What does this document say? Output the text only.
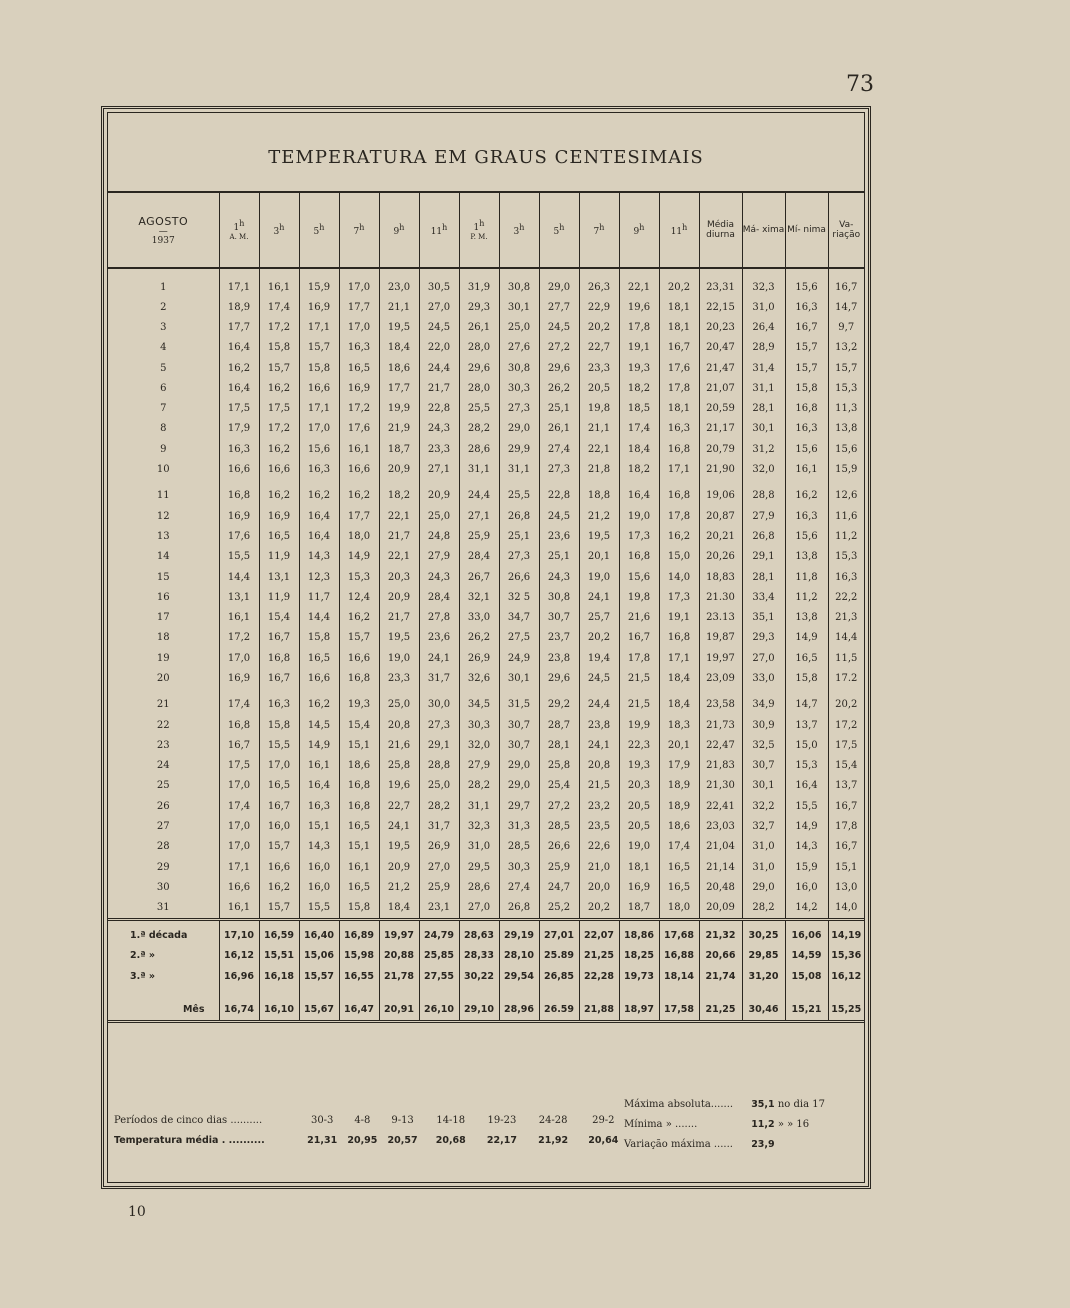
73
TEMPERATURA EM GRAUS CENTESIMAIS
AGOSTO
—
1937	1h
A. M.	3h	5h	7h	9h	11h	1h
P. M.	3h	5h	7h	9h	11h	Média diurna	Má- xima	Mí- nima	Va- riação
1	17,1	16,1	15,9	17,0	23,0	30,5	31,9	30,8	29,0	26,3	22,1	20,2	23,31	32,3	15,6	16,7
2	18,9	17,4	16,9	17,7	21,1	27,0	29,3	30,1	27,7	22,9	19,6	18,1	22,15	31,0	16,3	14,7
3	17,7	17,2	17,1	17,0	19,5	24,5	26,1	25,0	24,5	20,2	17,8	18,1	20,23	26,4	16,7	9,7
4	16,4	15,8	15,7	16,3	18,4	22,0	28,0	27,6	27,2	22,7	19,1	16,7	20,47	28,9	15,7	13,2
5	16,2	15,7	15,8	16,5	18,6	24,4	29,6	30,8	29,6	23,3	19,3	17,6	21,47	31,4	15,7	15,7
6	16,4	16,2	16,6	16,9	17,7	21,7	28,0	30,3	26,2	20,5	18,2	17,8	21,07	31,1	15,8	15,3
7	17,5	17,5	17,1	17,2	19,9	22,8	25,5	27,3	25,1	19,8	18,5	18,1	20,59	28,1	16,8	11,3
8	17,9	17,2	17,0	17,6	21,9	24,3	28,2	29,0	26,1	21,1	17,4	16,3	21,17	30,1	16,3	13,8
9	16,3	16,2	15,6	16,1	18,7	23,3	28,6	29,9	27,4	22,1	18,4	16,8	20,79	31,2	15,6	15,6
10	16,6	16,6	16,3	16,6	20,9	27,1	31,1	31,1	27,3	21,8	18,2	17,1	21,90	32,0	16,1	15,9

11	16,8	16,2	16,2	16,2	18,2	20,9	24,4	25,5	22,8	18,8	16,4	16,8	19,06	28,8	16,2	12,6
12	16,9	16,9	16,4	17,7	22,1	25,0	27,1	26,8	24,5	21,2	19,0	17,8	20,87	27,9	16,3	11,6
13	17,6	16,5	16,4	18,0	21,7	24,8	25,9	25,1	23,6	19,5	17,3	16,2	20,21	26,8	15,6	11,2
14	15,5	11,9	14,3	14,9	22,1	27,9	28,4	27,3	25,1	20,1	16,8	15,0	20,26	29,1	13,8	15,3
15	14,4	13,1	12,3	15,3	20,3	24,3	26,7	26,6	24,3	19,0	15,6	14,0	18,83	28,1	11,8	16,3
16	13,1	11,9	11,7	12,4	20,9	28,4	32,1	32 5	30,8	24,1	19,8	17,3	21.30	33,4	11,2	22,2
17	16,1	15,4	14,4	16,2	21,7	27,8	33,0	34,7	30,7	25,7	21,6	19,1	23.13	35,1	13,8	21,3
18	17,2	16,7	15,8	15,7	19,5	23,6	26,2	27,5	23,7	20,2	16,7	16,8	19,87	29,3	14,9	14,4
19	17,0	16,8	16,5	16,6	19,0	24,1	26,9	24,9	23,8	19,4	17,8	17,1	19,97	27,0	16,5	11,5
20	16,9	16,7	16,6	16,8	23,3	31,7	32,6	30,1	29,6	24,5	21,5	18,4	23,09	33,0	15,8	17.2

21	17,4	16,3	16,2	19,3	25,0	30,0	34,5	31,5	29,2	24,4	21,5	18,4	23,58	34,9	14,7	20,2
22	16,8	15,8	14,5	15,4	20,8	27,3	30,3	30,7	28,7	23,8	19,9	18,3	21,73	30,9	13,7	17,2
23	16,7	15,5	14,9	15,1	21,6	29,1	32,0	30,7	28,1	24,1	22,3	20,1	22,47	32,5	15,0	17,5
24	17,5	17,0	16,1	18,6	25,8	28,8	27,9	29,0	25,8	20,8	19,3	17,9	21,83	30,7	15,3	15,4
25	17,0	16,5	16,4	16,8	19,6	25,0	28,2	29,0	25,4	21,5	20,3	18,9	21,30	30,1	16,4	13,7
26	17,4	16,7	16,3	16,8	22,7	28,2	31,1	29,7	27,2	23,2	20,5	18,9	22,41	32,2	15,5	16,7
27	17,0	16,0	15,1	16,5	24,1	31,7	32,3	31,3	28,5	23,5	20,5	18,6	23,03	32,7	14,9	17,8
28	17,0	15,7	14,3	15,1	19,5	26,9	31,0	28,5	26,6	22,6	19,0	17,4	21,04	31,0	14,3	16,7
29	17,1	16,6	16,0	16,1	20,9	27,0	29,5	30,3	25,9	21,0	18,1	16,5	21,14	31,0	15,9	15,1
30	16,6	16,2	16,0	16,5	21,2	25,9	28,6	27,4	24,7	20,0	16,9	16,5	20,48	29,0	16,0	13,0
31	16,1	15,7	15,5	15,8	18,4	23,1	27,0	26,8	25,2	20,2	18,7	18,0	20,09	28,2	14,2	14,0
1.ª década	17,10	16,59	16,40	16,89	19,97	24,79	28,63	29,19	27,01	22,07	18,86	17,68	21,32	30,25	16,06	14,19
2.ª »	16,12	15,51	15,06	15,98	20,88	25,85	28,33	28,10	25.89	21,25	18,25	16,88	20,66	29,85	14,59	15,36
3.ª »	16,96	16,18	15,57	16,55	21,78	27,55	30,22	29,54	26,85	22,28	19,73	18,14	21,74	31,20	15,08	16,12

Mês	16,74	16,10	15,67	16,47	20,91	26,10	29,10	28,96	26.59	21,88	18,97	17,58	21,25	30,46	15,21	15,25
Períodos de cinco dias ..........	30-3 4-8 9-13 14-18 19-23 24-28 29-2
Temperatura média . ..........	21,31 20,95 20,57 20,68 22,17 21,92 20,64
Máxima absoluta....... 35,1 no dia 17
Mínima » .......	11,2 » » 16
Variação máxima ...... 23,9
10
